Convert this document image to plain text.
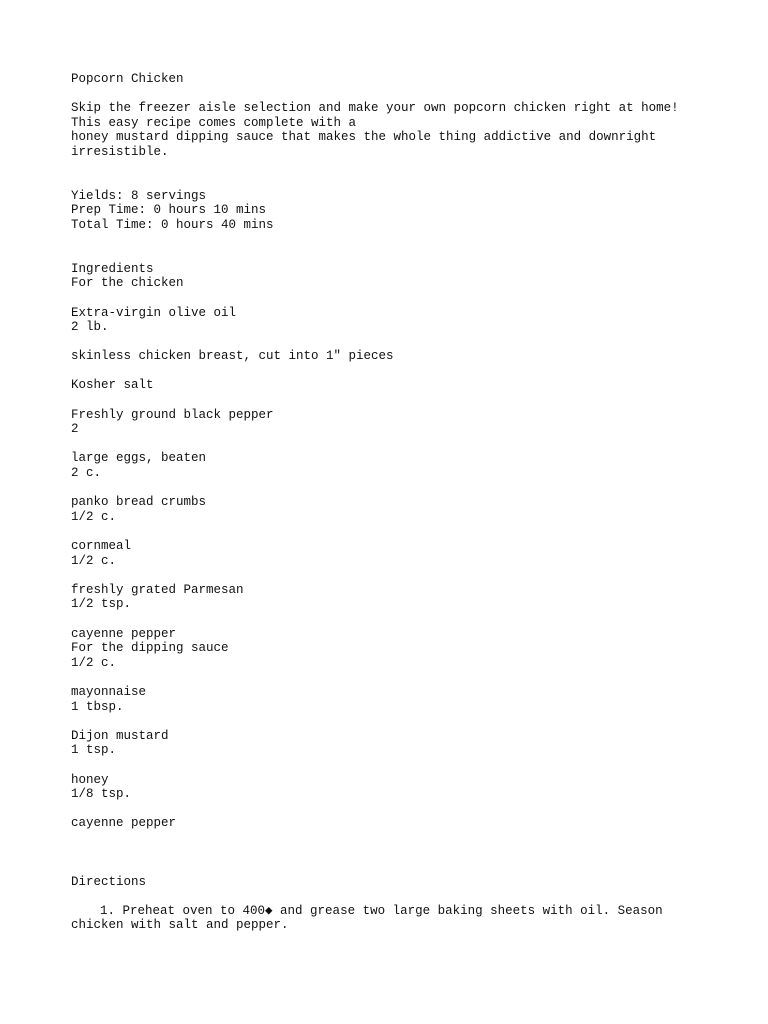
Popcorn Chicken
Skip the freezer aisle selection and make your own popcorn chicken right at home!
This easy recipe comes complete with a
honey mustard dipping sauce that makes the whole thing addictive and downright
irresistible.
Yields: 8 servings
Prep Time: 0 hours 10 mins
Total Time: 0 hours 40 mins
Ingredients
For the chicken
Extra-virgin olive oil
2 lb.
skinless chicken breast, cut into 1" pieces
Kosher salt
Freshly ground black pepper
2
large eggs, beaten
2 c.
panko bread crumbs
1/2 c.
cornmeal
1/2 c.
freshly grated Parmesan
1/2 tsp.
cayenne pepper
For the dipping sauce
1/2 c.
mayonnaise
1 tbsp.
Dijon mustard
1 tsp.
honey
1/8 tsp.
cayenne pepper
Directions
1. Preheat oven to 400◆ and grease two large baking sheets with oil. Season chicken with salt and pepper.
